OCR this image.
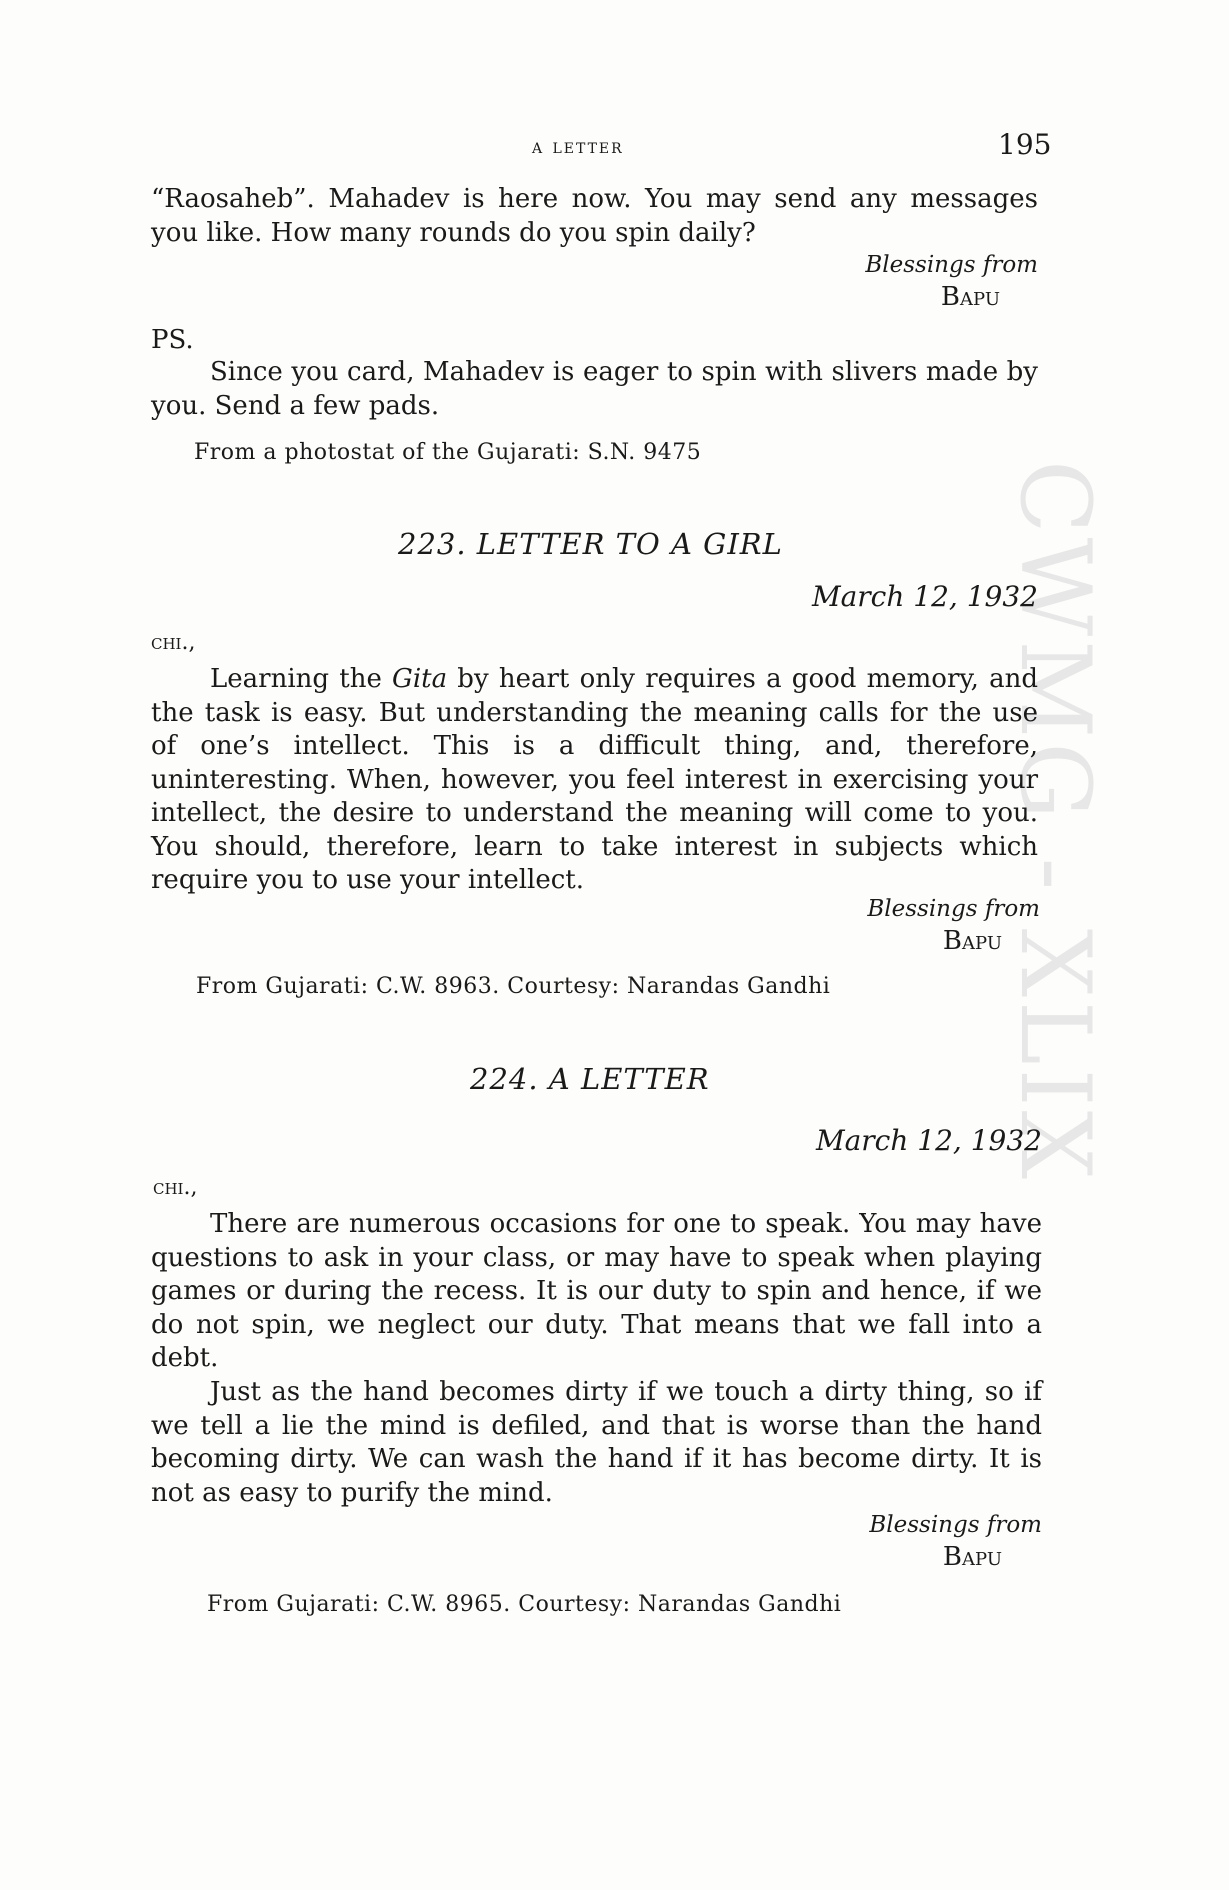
CWMG - XLIX
a letter	195

“Raosaheb”. Mahadev is here now. You may send any messages you like. How many rounds do you spin daily?

Blessings from
Bapu
PS.

Since you card, Mahadev is eager to spin with slivers made by you. Send a few pads.

From a photostat of the Gujarati: S.N. 9475
223. LETTER TO A GIRL
March 12, 1932
chi.,

Learning the Gita by heart only requires a good memory, and the task is easy. But understanding the meaning calls for the use of one’s intellect. This is a difficult thing, and, therefore, uninteresting. When, however, you feel interest in exercising your intellect, the desire to understand the meaning will come to you. You should, therefore, learn to take interest in subjects which require you to use your intellect.

Blessings from
Bapu
From Gujarati: C.W. 8963. Courtesy: Narandas Gandhi
224. A LETTER
March 12, 1932
chi.,

There are numerous occasions for one to speak. You may have questions to ask in your class, or may have to speak when playing games or during the recess. It is our duty to spin and hence, if we do not spin, we neglect our duty. That means that we fall into a debt.

Just as the hand becomes dirty if we touch a dirty thing, so if we tell a lie the mind is defiled, and that is worse than the hand becoming dirty. We can wash the hand if it has become dirty. It is not as easy to purify the mind.

Blessings from
Bapu
From Gujarati: C.W. 8965. Courtesy: Narandas Gandhi
